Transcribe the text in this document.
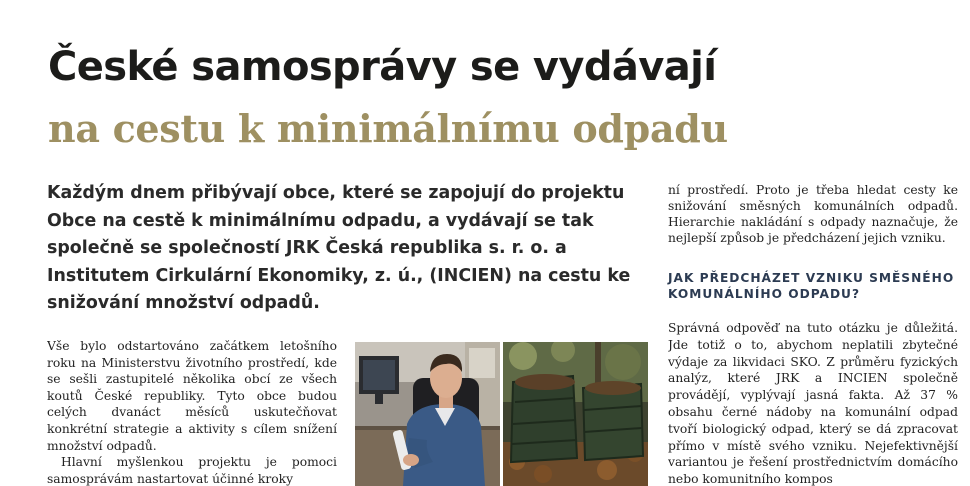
České samosprávy se vydávají
na cestu k minimálnímu odpadu

Každým dnem přibývají obce, které se zapojují do projektu Obce na cestě k minimálnímu odpadu, a vydávají se tak společně se společností JRK Česká republika s. r. o. a Institutem Cirkulární Ekonomiky, z. ú., (INCIEN) na cestu ke snižování množství odpadů.

Vše bylo odstartováno začátkem letošního roku na Ministerstvu životního prostředí, kde se sešli zastupitelé několika obcí ze všech koutů České republiky. Tyto obce budou celých dvanáct měsíců uskutečňovat konkrétní strategie a aktivity s cílem snížení množství odpadů.

Hlavní myšlenkou projektu je pomoci samosprávám nastartovat účinné kroky

ní prostředí. Proto je třeba hledat cesty ke snižování směsných komunálních odpadů. Hierarchie nakládání s odpady naznačuje, že nejlepší způsob je předcházení jejich vzniku.

JAK PŘEDCHÁZET VZNIKU SMĚSNÉHO KOMUNÁLNÍHO ODPADU?

Správná odpověď na tuto otázku je důležitá. Jde totiž o to, abychom neplatili zbytečné výdaje za likvidaci SKO. Z průměru fyzických analýz, které JRK a INCIEN společně provádějí, vyplývají jasná fakta. Až 37 % obsahu černé nádoby na komunální odpad tvoří biologický odpad, který se dá zpracovat přímo v místě svého vzniku. Nejefektivnější variantou je řešení prostřednictvím domácího nebo komunitního kompos
